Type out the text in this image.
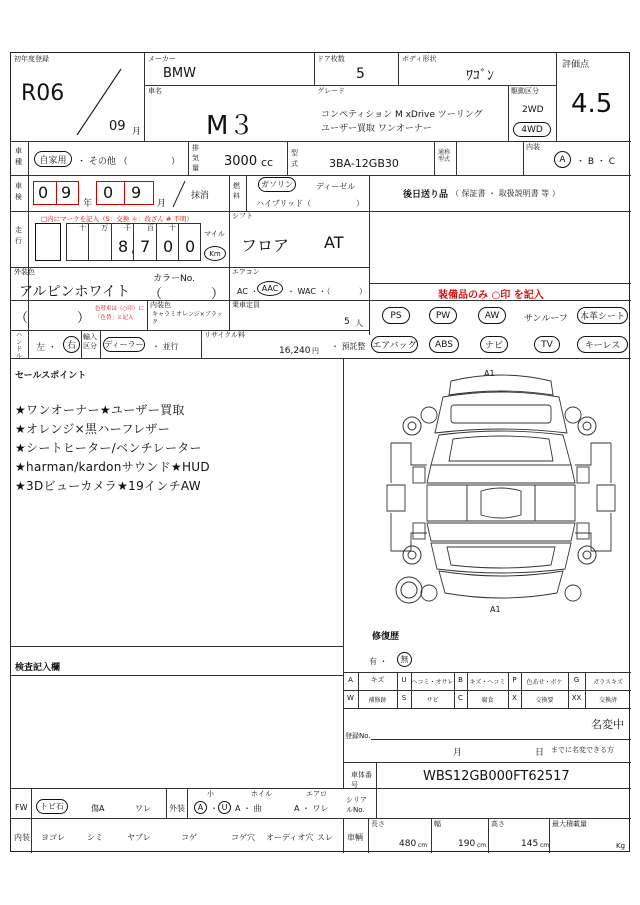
初年度登録
R06
09 月
メーカー
BMW
車名
M３
ドア枚数
5
ボディ形状
ﾜｺﾞﾝ
グレード
コンペティション M xDrive ツーリング
ユーザー買取 ワンオーナー
駆動区分
2WD
4WD
評価点
4.5
車種	自家用	・ その他 （	）
排気量 3000 cc
型式	3BA-12GB30
通称型式
内装
A	・ B ・ C
車検 0 9
年
0 9
月
抹消
燃料
ガソリン	ディーゼル
ハイブリッド（	）
後日送り品 （ 保証書 ・ 取扱説明書 等 ）
走行
□内にマークを記入（S：交換 ＊：改ざん # 不明）
十 万 千 百 十
8 , 7 0 0
マイル
Km
シフト
フロア AT
外装色
アルピンホワイト
カラーNo.
（	）
エアコン
AC ・ AAC	・ WAC ・（	）	装備品のみ ○印 を記入
（	）
色替車は（○印）に「色替」と記入
内装色
キャラミオレンジ×ブラック
乗車定員
5 人
ハンドル
左 ・	右
輸入区分 ディーラー ・ 並行
リサイクル料
16,240 円 ・ 預託整
PS	PW	AW	サンルーフ	本革シート
エアバッグ	ABS	ナビ	TV	キーレス
セールスポイント
★ワンオーナー★ユーザー買取
★オレンジ×黒ハーフレザー
★シートヒーター/ベンチレーター
★harman/kardonサウンド★HUD
★3Dビューカメラ★19インチAW
検査記入欄
A1
A1
修復歴
有 ・	無
A	キズ	U ヘコミ・オサレ B	キズ・ヘコミ P	色あせ・ボケ	G	ガラスキズ
W	補修跡	S	サビ	C	腐食	X	交換要	XX	交換済
名変中
登録No.
月	日 までに名変できる方
車体番号
WBS12GB000FT62517
FW	トビ石	傷A	ワレ 外装
小
A ・ U
ホイル
A ・ 曲
エアロ
A ・ ワレ
シリアルNo.
内装 ヨゴレ	シミ	ヤブレ	コゲ	コゲ穴 オーディオ穴 スレ 車輌
長さ
480 cm
幅
190 cm
高さ
145 cm
最大積載量
Kg
